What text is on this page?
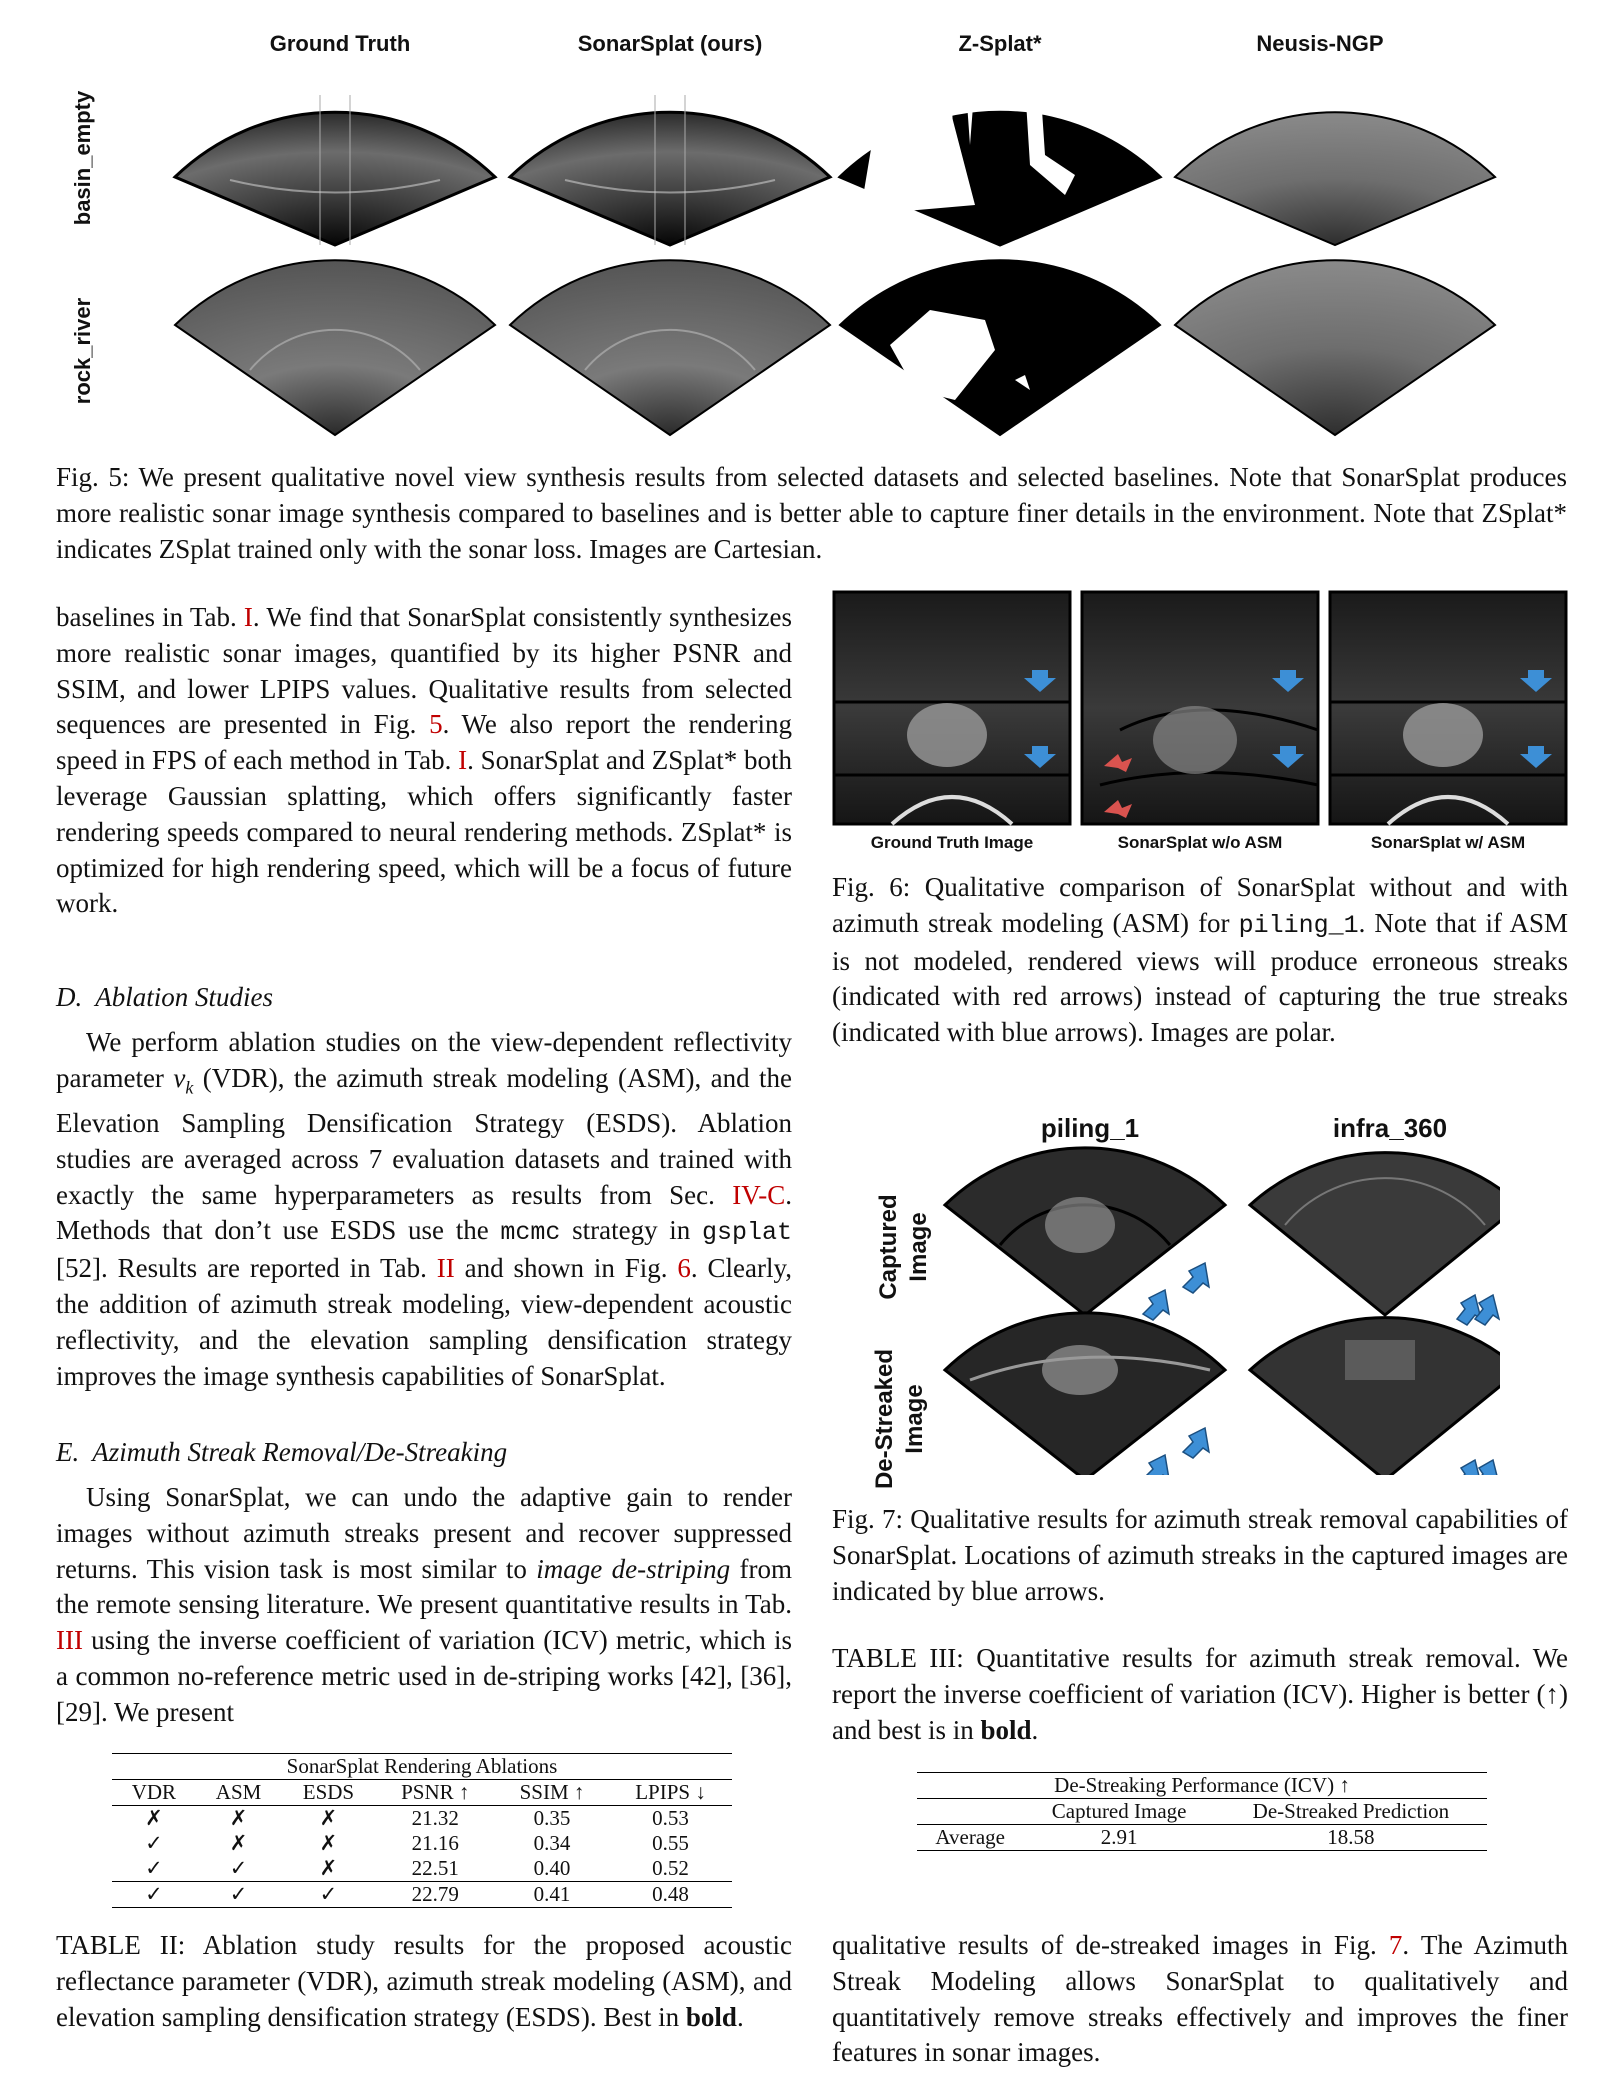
Ground Truth	SonarSplat (ours)	Z-Splat*	Neusis-NGP
basin_empty
rock_river
Fig. 5: We present qualitative novel view synthesis results from selected datasets and selected baselines. Note that SonarSplat produces more realistic sonar image synthesis compared to baselines and is better able to capture finer details in the environment. Note that ZSplat* indicates ZSplat trained only with the sonar loss. Images are Cartesian.
baselines in Tab. I. We find that SonarSplat consistently synthesizes more realistic sonar images, quantified by its higher PSNR and SSIM, and lower LPIPS values. Qualitative results from selected sequences are presented in Fig. 5. We also report the rendering speed in FPS of each method in Tab. I. SonarSplat and ZSplat* both leverage Gaussian splatting, which offers significantly faster rendering speeds compared to neural rendering methods. ZSplat* is optimized for high rendering speed, which will be a focus of future work.
D.  Ablation Studies
We perform ablation studies on the view-dependent reflectivity parameter $\nu_k$ (VDR), the azimuth streak modeling (ASM), and the Elevation Sampling Densification Strategy (ESDS). Ablation studies are averaged across 7 evaluation datasets and trained with exactly the same hyperparameters as results from Sec. IV-C. Methods that don’t use ESDS use the mcmc strategy in gsplat [52]. Results are reported in Tab. II and shown in Fig. 6. Clearly, the addition of azimuth streak modeling, view-dependent acoustic reflectivity, and the elevation sampling densification strategy improves the image synthesis capabilities of SonarSplat.
E.  Azimuth Streak Removal/De-Streaking
Using SonarSplat, we can undo the adaptive gain to render images without azimuth streaks present and recover suppressed returns. This vision task is most similar to image de-striping from the remote sensing literature. We present quantitative results in Tab. III using the inverse coefficient of variation (ICV) metric, which is a common no-reference metric used in de-striping works [42], [36], [29]. We present
SonarSplat Rendering Ablations					
VDR	ASM	ESDS	PSNR ↑	SSIM ↑	LPIPS ↓
✗	✗	✗	21.32	0.35	0.53
✓	✗	✗	21.16	0.34	0.55
✓	✓	✗	22.51	0.40	0.52
✓	✓	✓	22.79	0.41	0.48
TABLE II: Ablation study results for the proposed acoustic reflectance parameter (VDR), azimuth streak modeling (ASM), and elevation sampling densification strategy (ESDS). Best in bold.
Ground Truth Image	SonarSplat w/o ASM	SonarSplat w/ ASM
Fig. 6: Qualitative comparison of SonarSplat without and with azimuth streak modeling (ASM) for piling_1. Note that if ASM is not modeled, rendered views will produce erroneous streaks (indicated with red arrows) instead of capturing the true streaks (indicated with blue arrows). Images are polar.
piling_1	infra_360
Captured Image
De-Streaked Image
Fig. 7: Qualitative results for azimuth streak removal capabilities of SonarSplat. Locations of azimuth streaks in the captured images are indicated by blue arrows.
TABLE III: Quantitative results for azimuth streak removal. We report the inverse coefficient of variation (ICV). Higher is better (↑) and best is in bold.
De-Streaking Performance (ICV) ↑		
	Captured Image	De-Streaked Prediction
Average	2.91	18.58
qualitative results of de-streaked images in Fig. 7. The Azimuth Streak Modeling allows SonarSplat to qualitatively and quantitatively remove streaks effectively and improves the finer features in sonar images.
